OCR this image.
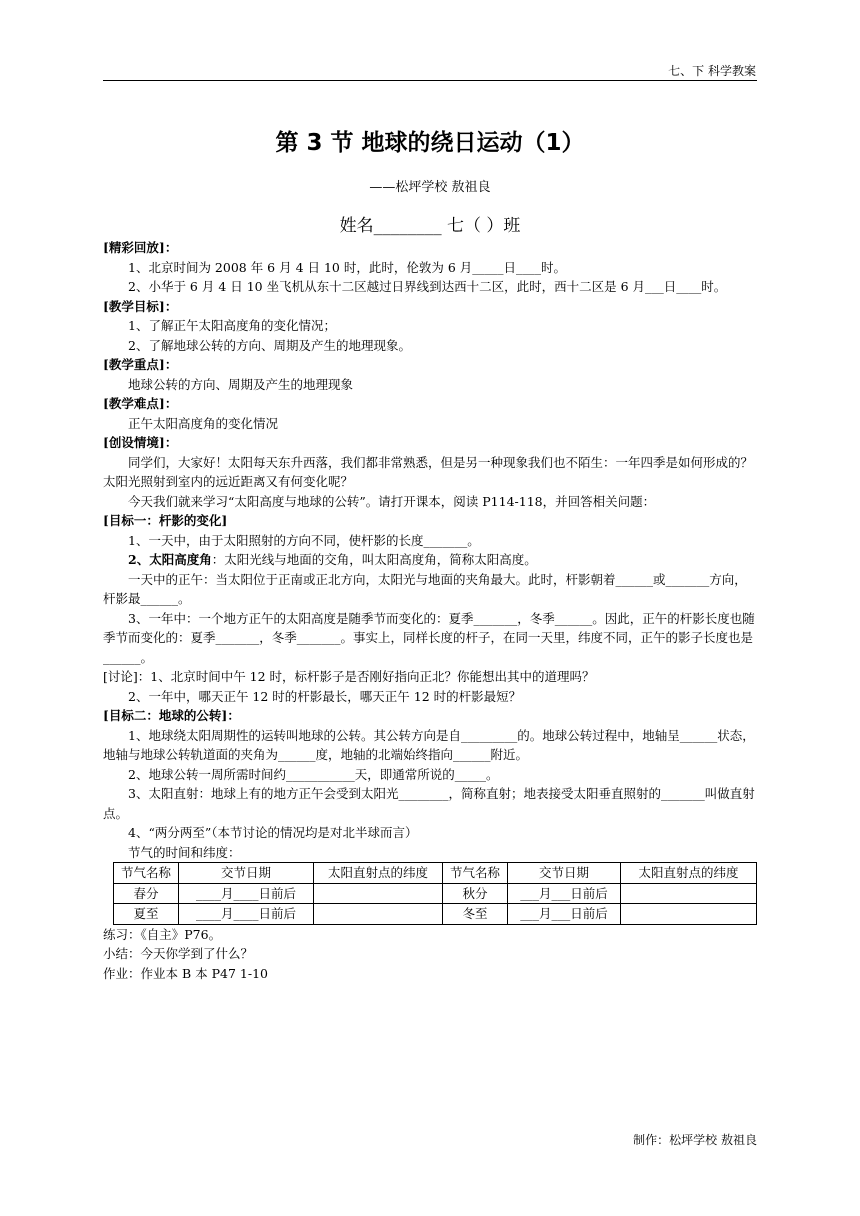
七、下 科学教案
第 3 节 地球的绕日运动（1）
——松坪学校 敖祖良
姓名________ 七（ ）班

[精彩回放]：

1、北京时间为 2008 年 6 月 4 日 10 时，此时，伦敦为 6 月_____日____时。

2、小华于 6 月 4 日 10 坐飞机从东十二区越过日界线到达西十二区，此时，西十二区是 6 月___日____时。

[教学目标]：

1、了解正午太阳高度角的变化情况；

2、了解地球公转的方向、周期及产生的地理现象。

[教学重点]：

地球公转的方向、周期及产生的地理现象

[教学难点]：

正午太阳高度角的变化情况

[创设情境]：

同学们，大家好！太阳每天东升西落，我们都非常熟悉，但是另一种现象我们也不陌生：一年四季是如何形成的？太阳光照射到室内的远近距离又有何变化呢？

今天我们就来学习“太阳高度与地球的公转”。请打开课本，阅读 P114-118，并回答相关问题：

[目标一：杆影的变化]

1、一天中，由于太阳照射的方向不同，使杆影的长度_______。

2、太阳高度角：太阳光线与地面的交角，叫太阳高度角，简称太阳高度。

一天中的正午：当太阳位于正南或正北方向，太阳光与地面的夹角最大。此时，杆影朝着______或_______方向，杆影最______。

3、一年中：一个地方正午的太阳高度是随季节而变化的：夏季_______，冬季______。因此，正午的杆影长度也随季节而变化的：夏季_______，冬季_______。事实上，同样长度的杆子，在同一天里，纬度不同，正午的影子长度也是______。

[讨论]：1、北京时间中午 12 时，标杆影子是否刚好指向正北？你能想出其中的道理吗？

2、一年中，哪天正午 12 时的杆影最长，哪天正午 12 时的杆影最短？

[目标二：地球的公转]：

1、地球绕太阳周期性的运转叫地球的公转。其公转方向是自_________的。地球公转过程中，地轴呈______状态，地轴与地球公转轨道面的夹角为______度，地轴的北端始终指向______附近。

2、地球公转一周所需时间约___________天，即通常所说的_____。

3、太阳直射：地球上有的地方正午会受到太阳光________，简称直射；地表接受太阳垂直照射的_______叫做直射点。

4、“两分两至”（本节讨论的情况均是对北半球而言）

节气的时间和纬度：

节气名称	交节日期	太阳直射点的纬度	节气名称	交节日期	太阳直射点的纬度
春分	____月____日前后		秋分	___月___日前后	
夏至	____月____日前后		冬至	___月___日前后	

练习：《自主》P76。

小结：今天你学到了什么？

作业：作业本 B 本 P47 1-10

制作：松坪学校 敖祖良
